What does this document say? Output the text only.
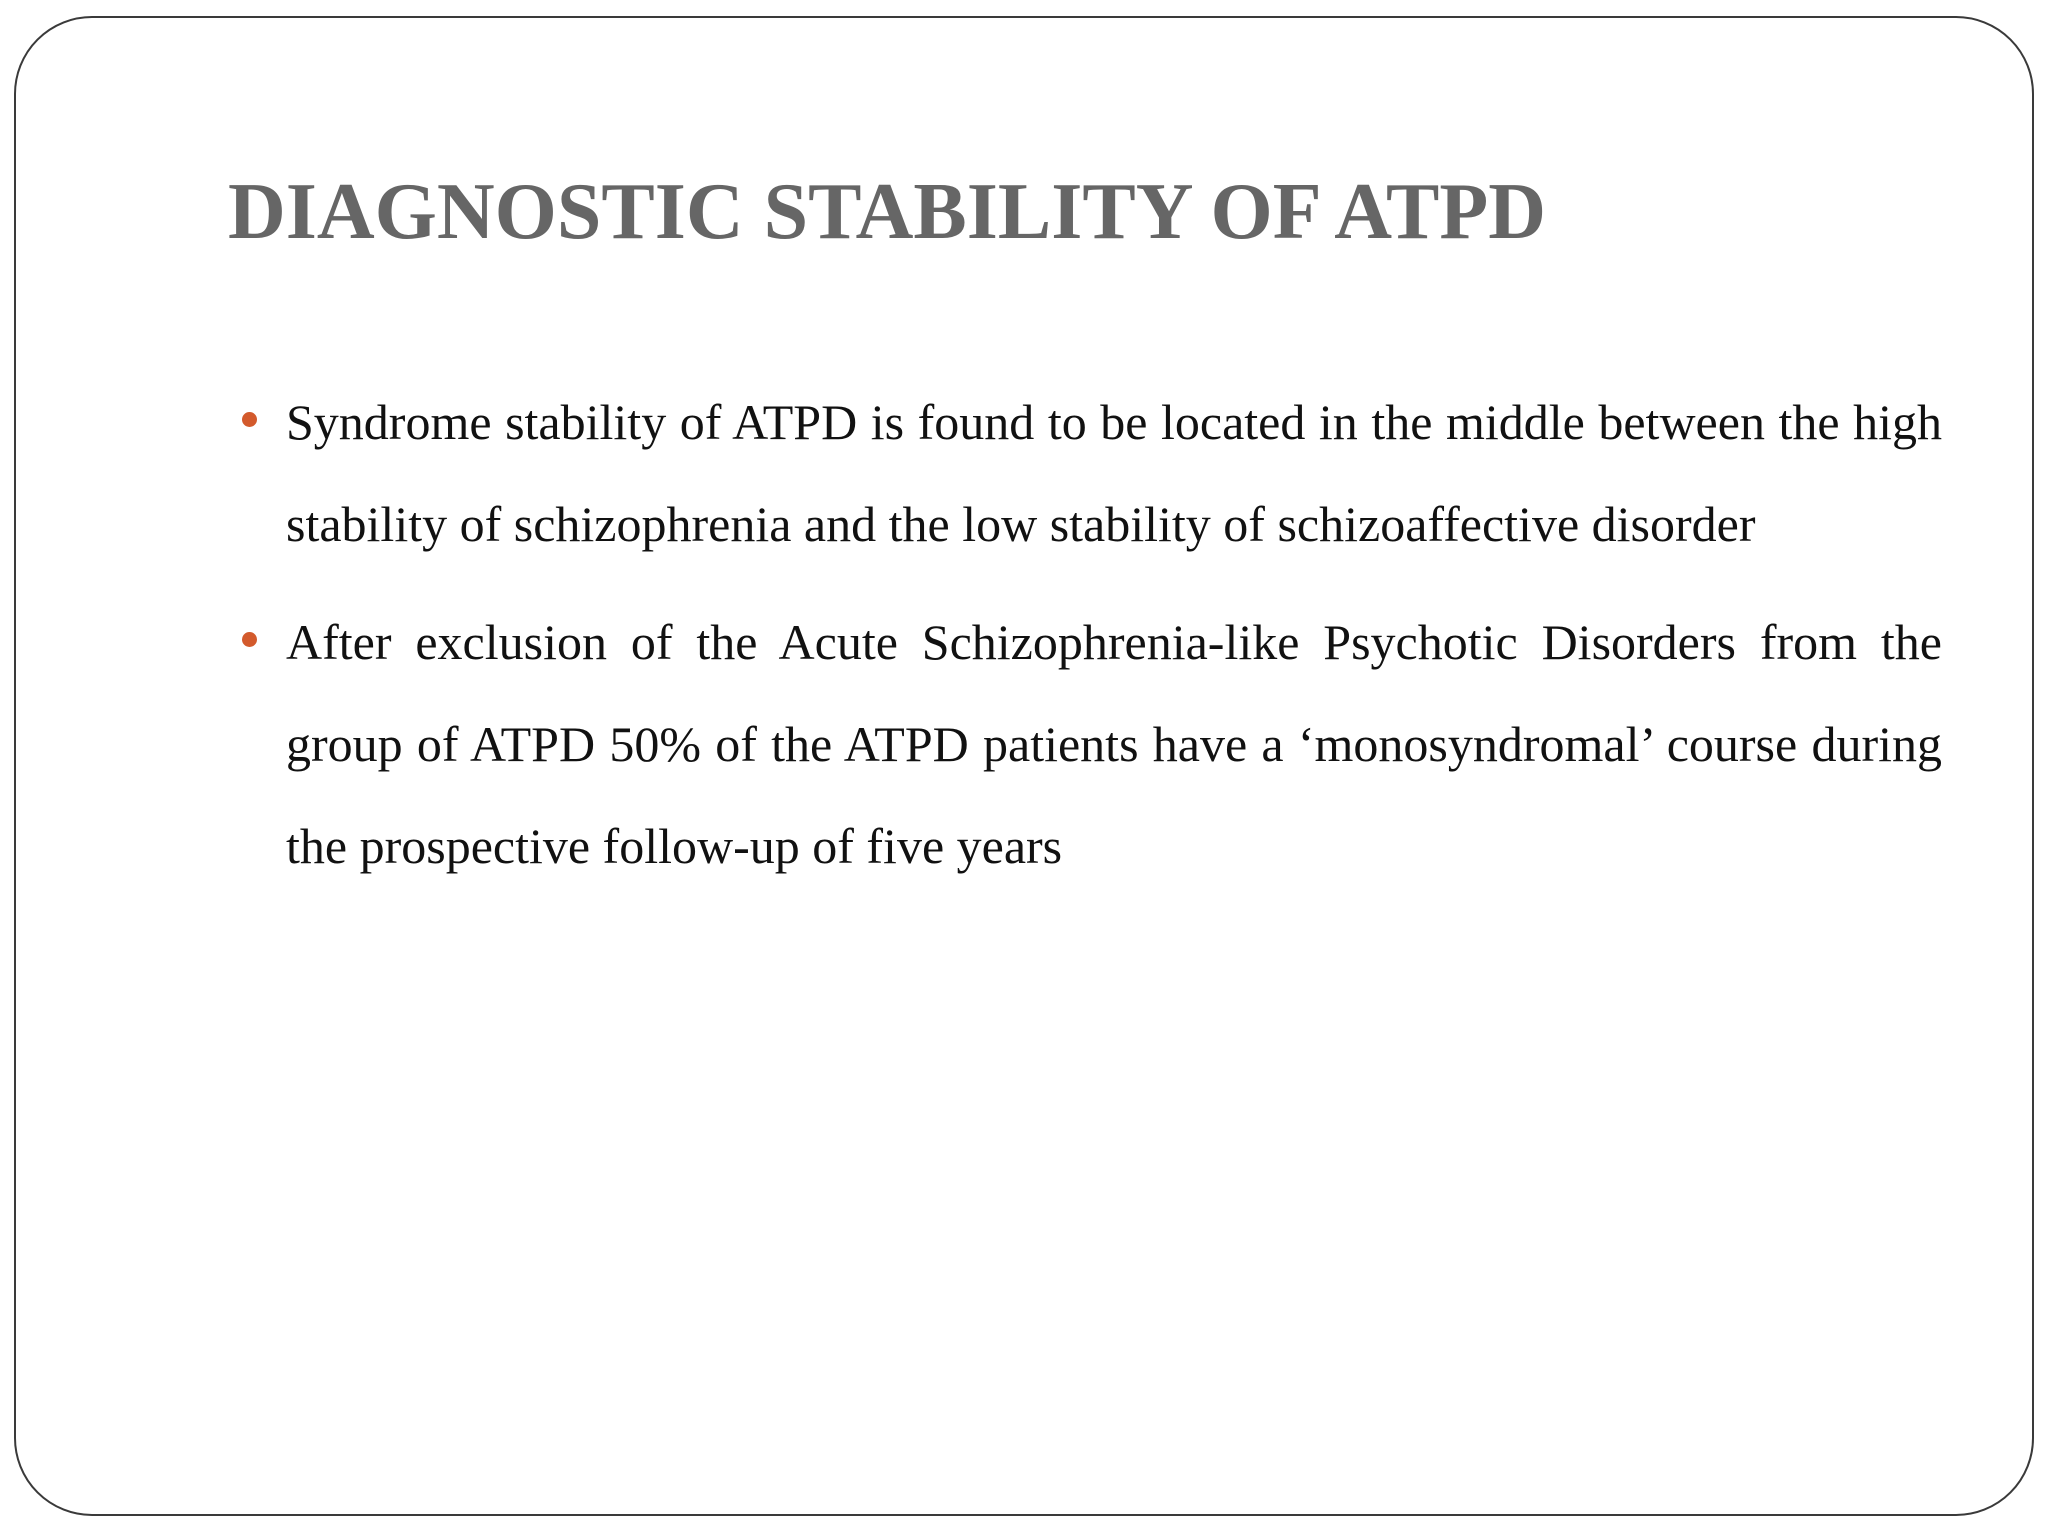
DIAGNOSTIC STABILITY OF ATPD
Syndrome stability of ATPD is found to be located in the middle between the high stability of schizophrenia and the low stability of schizoaffective disorder
After exclusion of the Acute Schizophrenia-like Psychotic Disorders from the group of ATPD 50% of the ATPD patients have a ‘monosyndromal’ course during the prospective follow-up of five years
